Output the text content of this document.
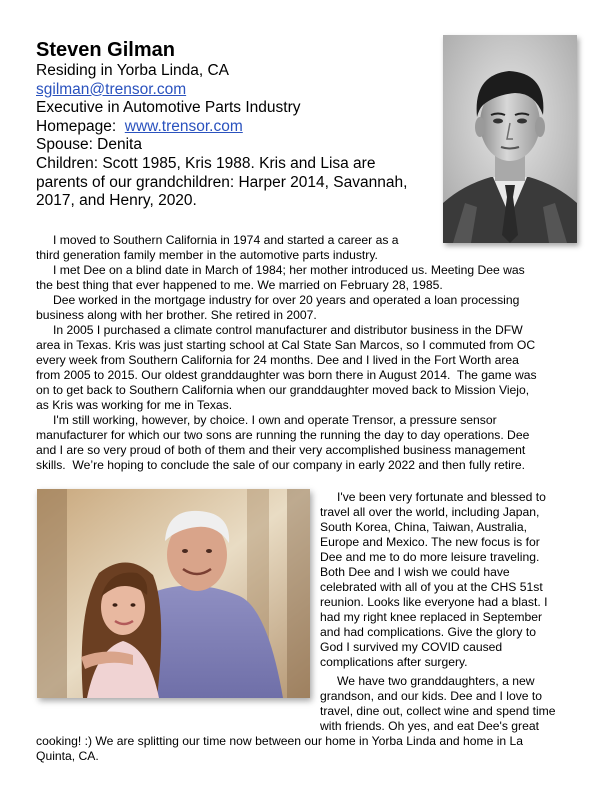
Steven Gilman

Residing in Yorba Linda, CA

sgilman@trensor.com

Executive in Automotive Parts Industry

Homepage: www.trensor.com

Spouse: Denita

Children: Scott 1985, Kris 1988. Kris and Lisa are

parents of our grandchildren: Harper 2014, Savannah,

2017, and Henry, 2020.

I moved to Southern California in 1974 and started a career as a
third generation family member in the automotive parts industry.

I met Dee on a blind date in March of 1984; her mother introduced us. Meeting Dee was
the best thing that ever happened to me. We married on February 28, 1985.

Dee worked in the mortgage industry for over 20 years and operated a loan processing
business along with her brother. She retired in 2007.

In 2005 I purchased a climate control manufacturer and distributor business in the DFW
area in Texas. Kris was just starting school at Cal State San Marcos, so I commuted from OC
every week from Southern California for 24 months. Dee and I lived in the Fort Worth area
from 2005 to 2015. Our oldest granddaughter was born there in August 2014.  The game was
on to get back to Southern California when our granddaughter moved back to Mission Viejo,
as Kris was working for me in Texas.

I'm still working, however, by choice. I own and operate Trensor, a pressure sensor
manufacturer for which our two sons are running the running the day to day operations. Dee
and I are so very proud of both of them and their very accomplished business management
skills.  We’re hoping to conclude the sale of our company in early 2022 and then fully retire.

I've been very fortunate and blessed to
travel all over the world, including Japan,
South Korea, China, Taiwan, Australia,
Europe and Mexico. The new focus is for
Dee and me to do more leisure traveling.
Both Dee and I wish we could have
celebrated with all of you at the CHS 51st
reunion. Looks like everyone had a blast. I
had my right knee replaced in September
and had complications. Give the glory to
God I survived my COVID caused
complications after surgery.

We have two granddaughters, a new
grandson, and our kids. Dee and I love to
travel, dine out, collect wine and spend time
with friends. Oh yes, and eat Dee's great

cooking! :) We are splitting our time now between our home in Yorba Linda and home in La
Quinta, CA.
